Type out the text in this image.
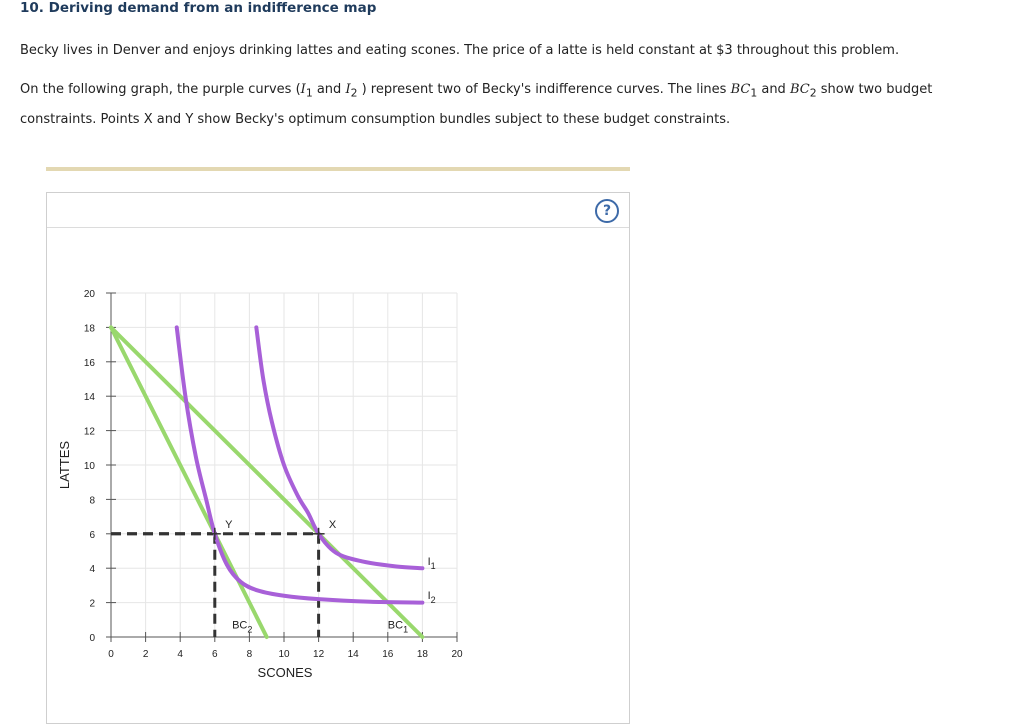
10. Deriving demand from an indifference map

Becky lives in Denver and enjoys drinking lattes and eating scones. The price of a latte is held constant at $3 throughout this problem.

On the following graph, the purple curves ($I_1$ and $I_2$ ) represent two of Becky's indifference curves. The lines $BC_1$ and $BC_2$ show two budget constraints. Points X and Y show Becky's optimum consumption bundles subject to these budget constraints.

?
0	2	4	6	8	10 12 14 16 18 20
0
2
4
6
8
10
12
14
16
18
20
X
Y
$BC_1$
$BC_2$
$I_1$
$I_2$
SCONES
LATTES
